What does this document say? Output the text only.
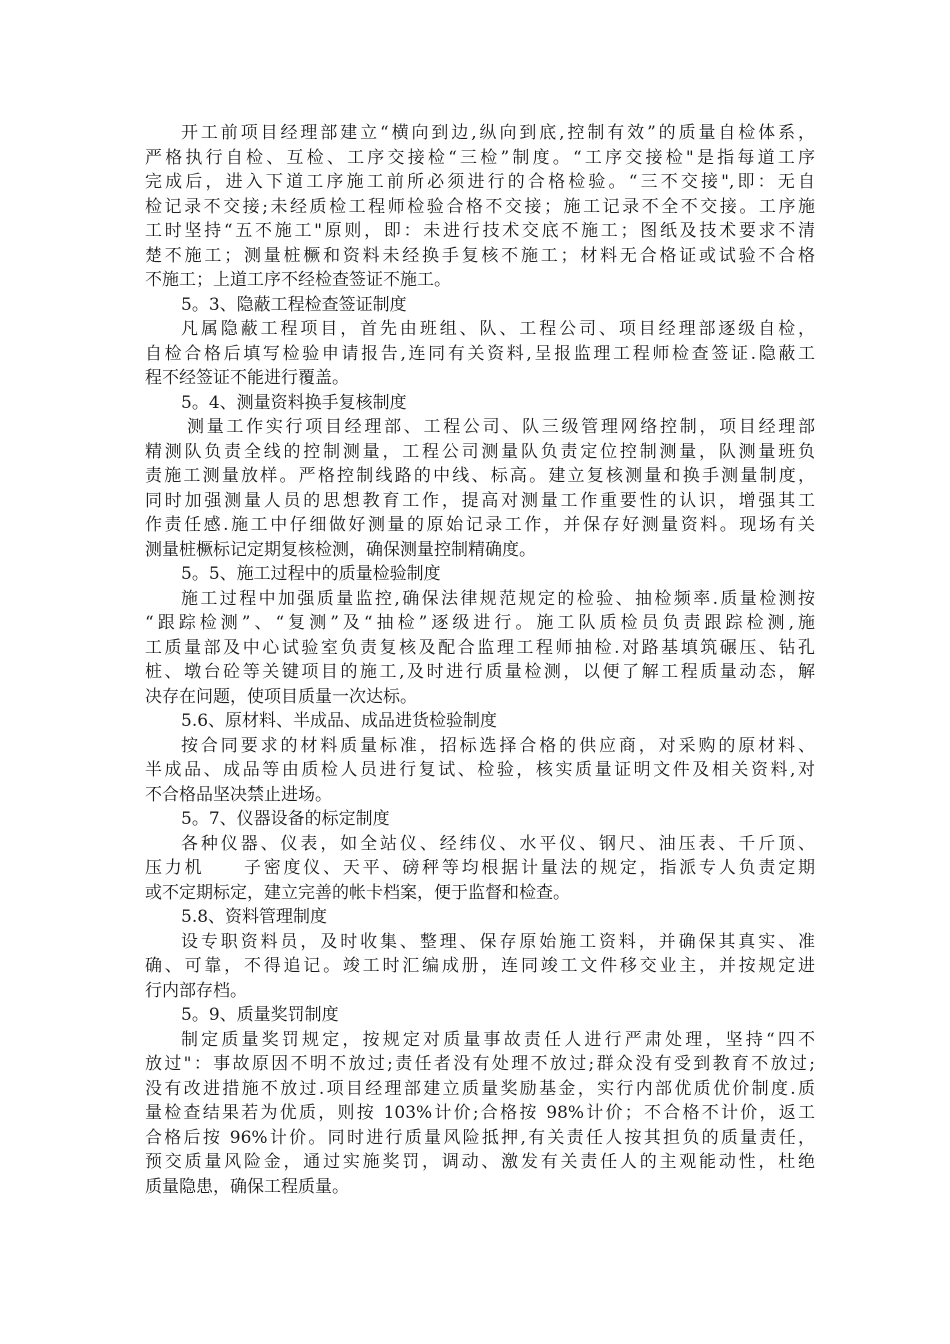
开工前项目经理部建立“横向到边,纵向到底,控制有效”的质量自检体系，
严格执行自检、互检、工序交接检“三检”制度。“工序交接检"是指每道工序
完成后，进入下道工序施工前所必须进行的合格检验。“三不交接",即：无自
检记录不交接;未经质检工程师检验合格不交接；施工记录不全不交接。工序施
工时坚持“五不施工"原则，即：未进行技术交底不施工；图纸及技术要求不清
楚不施工；测量桩橛和资料未经换手复核不施工；材料无合格证或试验不合格
不施工；上道工序不经检查签证不施工。

5。3、隐蔽工程检查签证制度

凡属隐蔽工程项目，首先由班组、队、工程公司、项目经理部逐级自检，
自检合格后填写检验申请报告,连同有关资料,呈报监理工程师检查签证.隐蔽工
程不经签证不能进行覆盖。

5。4、测量资料换手复核制度

测量工作实行项目经理部、工程公司、队三级管理网络控制，项目经理部
精测队负责全线的控制测量，工程公司测量队负责定位控制测量，队测量班负
责施工测量放样。严格控制线路的中线、标高。建立复核测量和换手测量制度，
同时加强测量人员的思想教育工作，提高对测量工作重要性的认识，增强其工
作责任感.施工中仔细做好测量的原始记录工作，并保存好测量资料。现场有关
测量桩橛标记定期复核检测，确保测量控制精确度。

5。5、施工过程中的质量检验制度

施工过程中加强质量监控,确保法律规范规定的检验、抽检频率.质量检测按
“跟踪检测”、“复测”及“抽检”逐级进行。施工队质检员负责跟踪检测,施
工质量部及中心试验室负责复核及配合监理工程师抽检.对路基填筑碾压、钻孔
桩、墩台砼等关键项目的施工,及时进行质量检测，以便了解工程质量动态，解
决存在问题，使项目质量一次达标。

5.6、原材料、半成品、成品进货检验制度

按合同要求的材料质量标准，招标选择合格的供应商，对采购的原材料、
半成品、成品等由质检人员进行复试、检验，核实质量证明文件及相关资料,对
不合格品坚决禁止进场。

5。7、仪器设备的标定制度

各种仪器、仪表，如全站仪、经纬仪、水平仪、钢尺、油压表、千斤顶、
压力机　　子密度仪、天平、磅秤等均根据计量法的规定，指派专人负责定期
或不定期标定，建立完善的帐卡档案，便于监督和检查。

5.8、资料管理制度

设专职资料员，及时收集、整理、保存原始施工资料，并确保其真实、准
确、可靠，不得追记。竣工时汇编成册，连同竣工文件移交业主，并按规定进
行内部存档。

5。9、质量奖罚制度

制定质量奖罚规定，按规定对质量事故责任人进行严肃处理，坚持“四不
放过"：事故原因不明不放过;责任者没有处理不放过;群众没有受到教育不放过;
没有改进措施不放过.项目经理部建立质量奖励基金，实行内部优质优价制度.质
量检查结果若为优质，则按 103%计价;合格按 98%计价；不合格不计价，返工
合格后按 96%计价。同时进行质量风险抵押,有关责任人按其担负的质量责任，
预交质量风险金，通过实施奖罚，调动、激发有关责任人的主观能动性，杜绝
质量隐患，确保工程质量。
